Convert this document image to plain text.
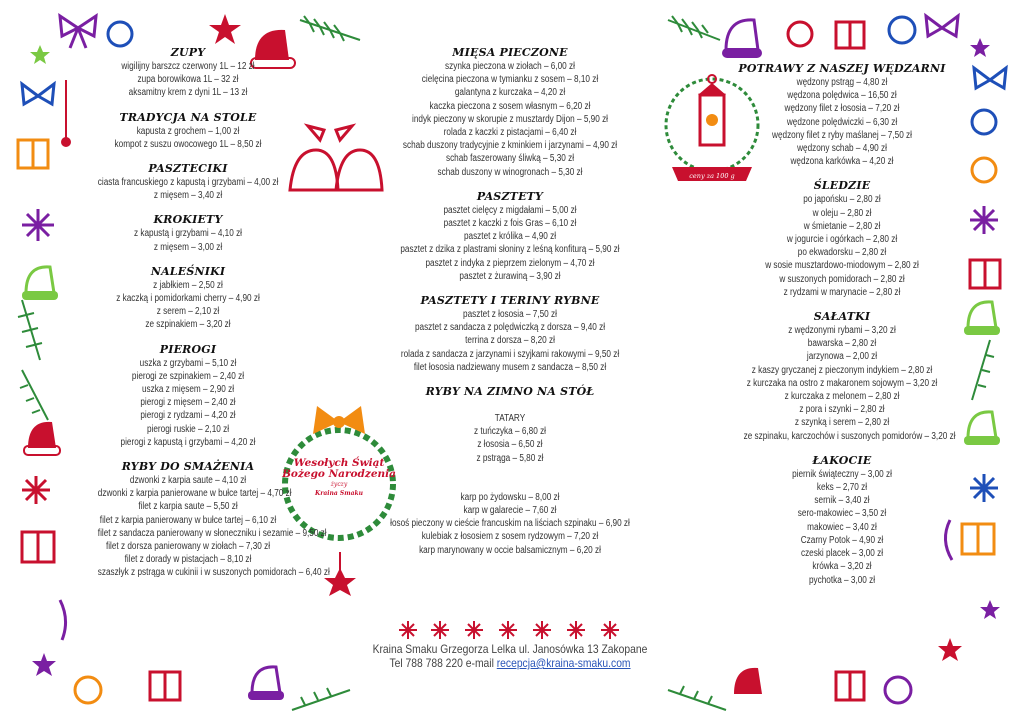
Wesołych Świąt Bożego Narodzenia
życzy
Kraina Smaku
ceny za 100 g
ZUPY
wigilijny barszcz czerwony 1L – 12 zł
zupa borowikowa 1L – 32 zł
aksamitny krem z dyni 1L – 13 zł
TRADYCJA NA STOLE
kapusta z grochem – 1,00 zł
kompot z suszu owocowego 1L – 8,50 zł
PASZTECIKI
ciasta francuskiego z kapustą i grzybami – 4,00 zł
z mięsem – 3,40 zł
KROKIETY
z kapustą i grzybami – 4,10 zł
z mięsem – 3,00 zł
NALEŚNIKI
z jabłkiem – 2,50 zł
z kaczką i pomidorkami cherry – 4,90 zł
z serem – 2,10 zł
ze szpinakiem – 3,20 zł
PIEROGI
uszka z grzybami – 5,10 zł
pierogi ze szpinakiem – 2,40 zł
uszka z mięsem – 2,90 zł
pierogi z mięsem – 2,40 zł
pierogi z rydzami – 4,20 zł
pierogi ruskie – 2,10 zł
pierogi z kapustą i grzybami – 4,20 zł
RYBY DO SMAŻENIA
dzwonki z karpia saute – 4,10 zł
dzwonki z karpia panierowane w bułce tartej – 4,70 zł
filet z karpia saute – 5,50 zł
filet z karpia panierowany w bułce tartej – 6,10 zł
filet z sandacza panierowany w słoneczniku i sezamie – 9,50 zł
filet z dorsza panierowany w ziołach – 7,30 zł
filet z dorady w pistacjach – 8,10 zł
szaszłyk z pstrąga w cukinii i w suszonych pomidorach – 6,40 zł
MIĘSA PIECZONE
szynka pieczona w ziołach – 6,00 zł
cielęcina pieczona w tymianku z sosem – 8,10 zł
galantyna z kurczaka – 4,20 zł
kaczka pieczona z sosem własnym – 6,20 zł
indyk pieczony w skorupie z musztardy Dijon – 5,90 zł
rolada z kaczki z pistacjami – 6,40 zł
schab duszony tradycyjnie z kminkiem i jarzynami – 4,90 zł
schab faszerowany śliwką – 5,30 zł
schab duszony w winogronach – 5,30 zł
PASZTETY
pasztet cielęcy z migdałami – 5,00 zł
pasztet z kaczki z fois Gras – 6,10 zł
pasztet z królika – 4,90 zł
pasztet z dzika z plastrami słoniny z leśną konfiturą – 5,90 zł
pasztet z indyka z pieprzem zielonym – 4,70 zł
pasztet z żurawiną – 3,90 zł
PASZTETY I TERINY RYBNE
pasztet z łososia – 7,50 zł
pasztet z sandacza z polędwiczką z dorsza – 9,40 zł
terrina z dorsza – 8,20 zł
rolada z sandacza z jarzynami i szyjkami rakowymi – 9,50 zł
filet łososia nadziewany musem z sandacza – 8,50 zł
RYBY NA ZIMNO NA STÓŁ
TATARY
z tuńczyka – 6,80 zł
z łososia – 6,50 zł
z pstrąga – 5,80 zł
karp po żydowsku – 8,00 zł
karp w galarecie – 7,60 zł
łosoś pieczony w cieście francuskim na liściach szpinaku – 6,90 zł
kulebiak z łososiem z sosem rydzowym – 7,20 zł
karp marynowany w occie balsamicznym – 6,20 zł
POTRAWY Z NASZEJ WĘDZARNI
wędzony pstrąg – 4,80 zł
wędzona polędwica – 16,50 zł
wędzony filet z łososia – 7,20 zł
wędzone polędwiczki – 6,30 zł
wędzony filet z ryby maślanej – 7,50 zł
wędzony schab – 4,90 zł
wędzona karkówka – 4,20 zł
ŚLEDZIE
po japońsku – 2,80 zł
w oleju – 2,80 zł
w śmietanie – 2,80 zł
w jogurcie i ogórkach – 2,80 zł
po ekwadorsku – 2,80 zł
w sosie musztardowo-miodowym – 2,80 zł
w suszonych pomidorach – 2,80 zł
z rydzami w marynacie – 2,80 zł
SAŁATKI
z wędzonymi rybami – 3,20 zł
bawarska – 2,80 zł
jarzynowa – 2,00 zł
z kaszy gryczanej z pieczonym indykiem – 2,80 zł
z kurczaka na ostro z makaronem sojowym – 3,20 zł
z kurczaka z melonem – 2,80 zł
z pora i szynki – 2,80 zł
z szynką i serem – 2,80 zł
ze szpinaku, karczochów i suszonych pomidorów – 3,20 zł
ŁAKOCIE
piernik świąteczny – 3,00 zł
keks – 2,70 zł
sernik – 3,40 zł
sero-makowiec – 3,50 zł
makowiec – 3,40 zł
Czarny Potok – 4,90 zł
czeski placek – 3,00 zł
krówka – 3,20 zł
pychotka – 3,00 zł
Kraina Smaku Grzegorza Lelka ul. Janosówka 13 Zakopane
Tel 788 788 220 e-mail recepcja@kraina-smaku.com
